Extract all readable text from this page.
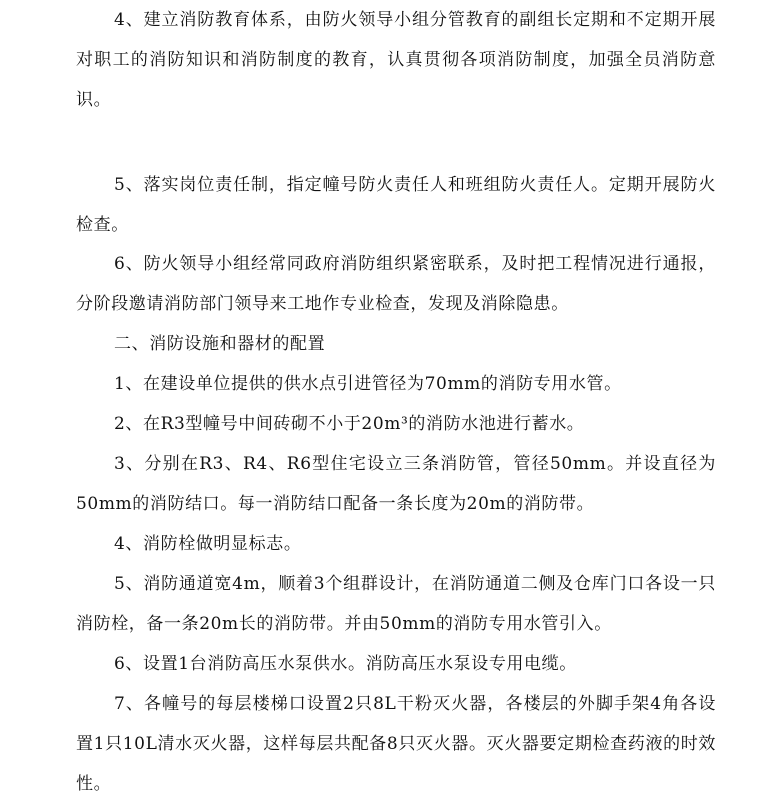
4、建立消防教育体系，由防火领导小组分管教育的副组长定期和不定期开展对职工的消防知识和消防制度的教育，认真贯彻各项消防制度，加强全员消防意识。

5、落实岗位责任制，指定幢号防火责任人和班组防火责任人。定期开展防火检查。

6、防火领导小组经常同政府消防组织紧密联系，及时把工程情况进行通报，分阶段邀请消防部门领导来工地作专业检查，发现及消除隐患。

二、消防设施和器材的配置

1、在建设单位提供的供水点引进管径为70mm的消防专用水管。

2、在R3型幢号中间砖砌不小于20m³的消防水池进行蓄水。

3、分别在R3、R4、R6型住宅设立三条消防管，管径50mm。并设直径为50mm的消防结口。每一消防结口配备一条长度为20m的消防带。

4、消防栓做明显标志。

5、消防通道宽4m，顺着3个组群设计，在消防通道二侧及仓库门口各设一只消防栓，备一条20m长的消防带。并由50mm的消防专用水管引入。

6、设置1台消防高压水泵供水。消防高压水泵设专用电缆。

7、各幢号的每层楼梯口设置2只8L干粉灭火器，各楼层的外脚手架4角各设置1只10L清水灭火器，这样每层共配备8只灭火器。灭火器要定期检查药液的时效性。
